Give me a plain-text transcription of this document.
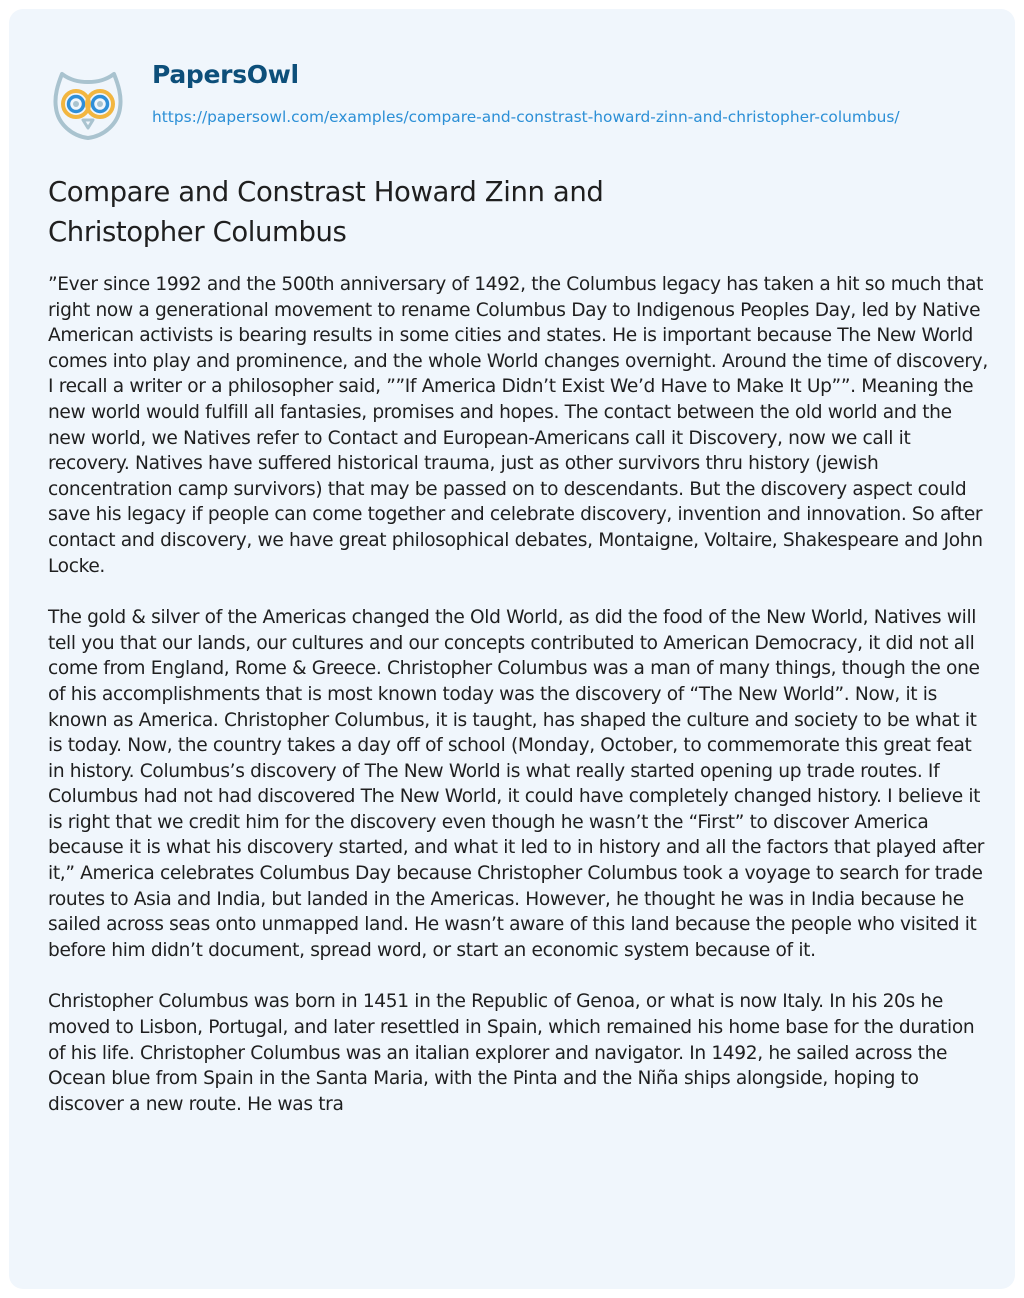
PapersOwl
https://papersowl.com/examples/compare-and-constrast-howard-zinn-and-christopher-columbus/
Compare and Constrast Howard Zinn and Christopher Columbus

”Ever since 1992 and the 500th anniversary of 1492, the Columbus legacy has taken a hit so much that right now a generational movement to rename Columbus Day to Indigenous Peoples Day, led by Native American activists is bearing results in some cities and states. He is important because The New World comes into play and prominence, and the whole World changes overnight. Around the time of discovery, I recall a writer or a philosopher said, ””If America Didn’t Exist We’d Have to Make It Up””. Meaning the new world would fulfill all fantasies, promises and hopes. The contact between the old world and the new world, we Natives refer to Contact and European-Americans call it Discovery, now we call it recovery. Natives have suffered historical trauma, just as other survivors thru history (jewish concentration camp survivors) that may be passed on to descendants. But the discovery aspect could save his legacy if people can come together and celebrate discovery, invention and innovation. So after contact and discovery, we have great philosophical debates, Montaigne, Voltaire, Shakespeare and John Locke.

The gold & silver of the Americas changed the Old World, as did the food of the New World, Natives will tell you that our lands, our cultures and our concepts contributed to American Democracy, it did not all come from England, Rome & Greece. Christopher Columbus was a man of many things, though the one of his accomplishments that is most known today was the discovery of “The New World”. Now, it is known as America. Christopher Columbus, it is taught, has shaped the culture and society to be what it is today. Now, the country takes a day off of school (Monday, October, to commemorate this great feat in history. Columbus’s discovery of The New World is what really started opening up trade routes. If Columbus had not had discovered The New World, it could have completely changed history. I believe it is right that we credit him for the discovery even though he wasn’t the “First” to discover America because it is what his discovery started, and what it led to in history and all the factors that played after it,” America celebrates Columbus Day because Christopher Columbus took a voyage to search for trade routes to Asia and India, but landed in the Americas. However, he thought he was in India because he sailed across seas onto unmapped land. He wasn’t aware of this land because the people who visited it before him didn’t document, spread word, or start an economic system because of it.

Christopher Columbus was born in 1451 in the Republic of Genoa, or what is now Italy. In his 20s he moved to Lisbon, Portugal, and later resettled in Spain, which remained his home base for the duration of his life. Christopher Columbus was an italian explorer and navigator. In 1492, he sailed across the Ocean blue from Spain in the Santa Maria, with the Pinta and the Niña ships alongside, hoping to discover a new route. He was tra
